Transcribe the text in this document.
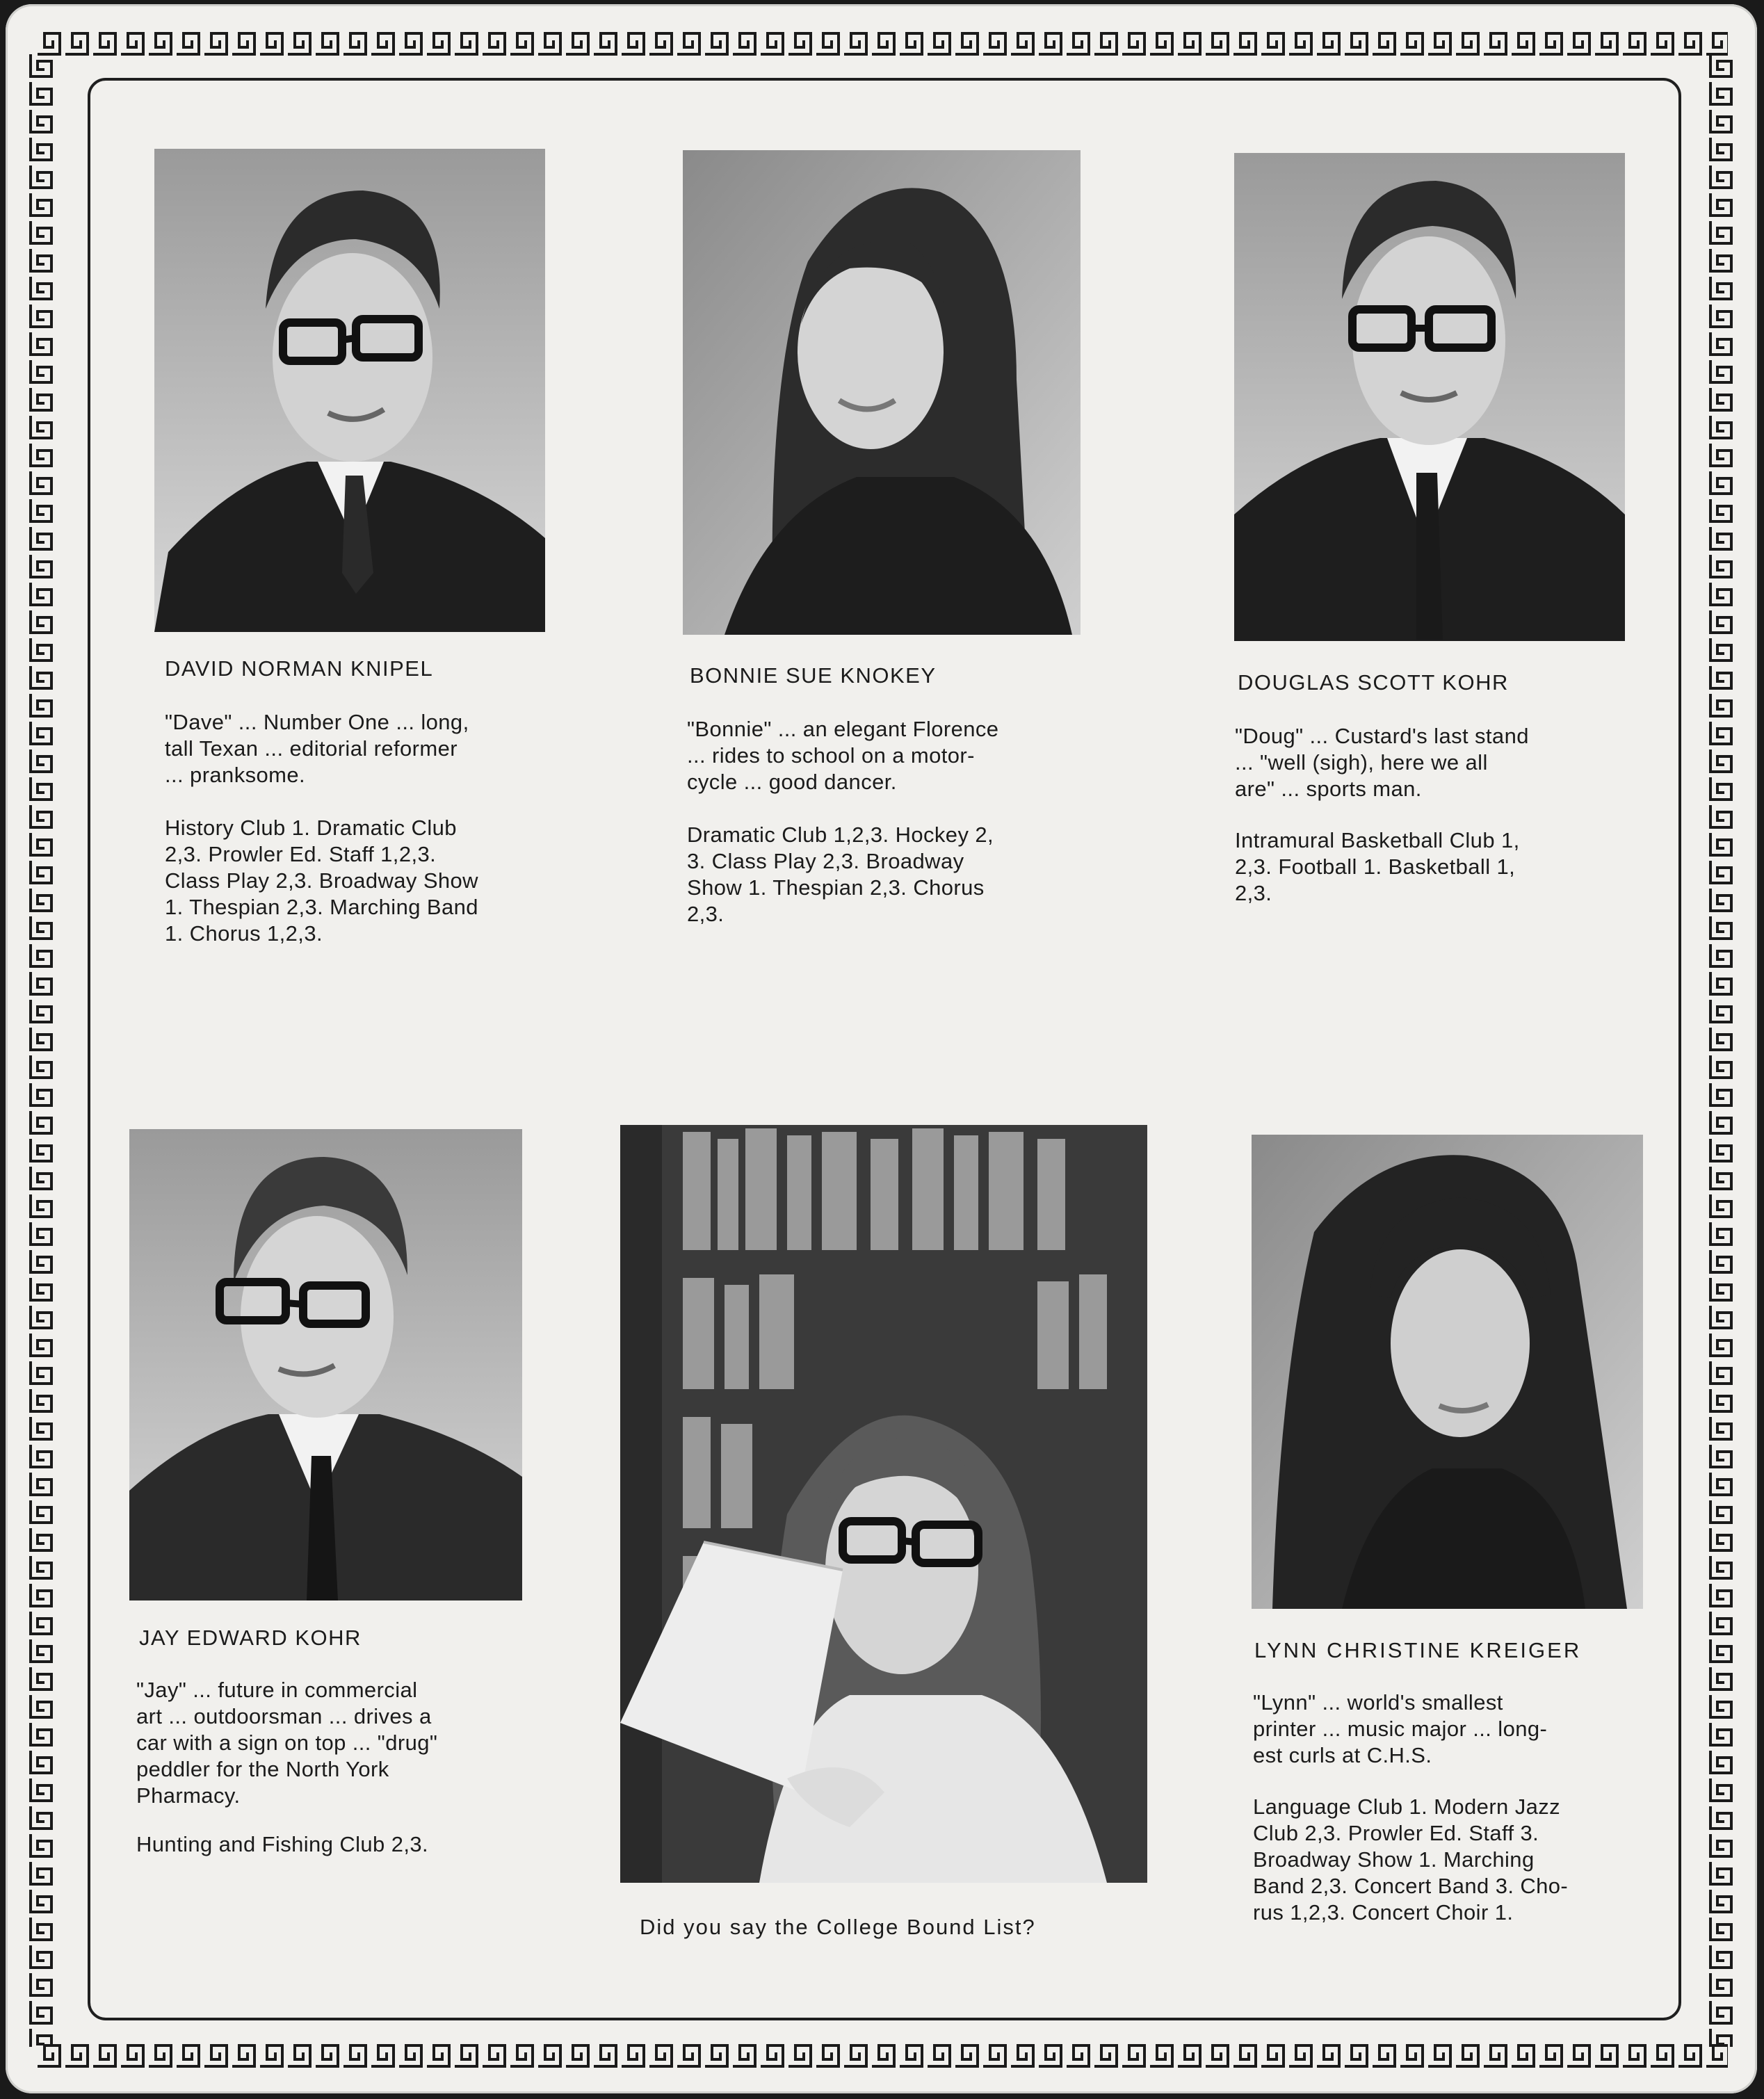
DAVID NORMAN KNIPEL
"Dave" ... Number One ... long,
tall Texan ... editorial reformer
... pranksome.
History Club 1. Dramatic Club
2,3. Prowler Ed. Staff 1,2,3.
Class Play 2,3. Broadway Show
1. Thespian 2,3. Marching Band
1. Chorus 1,2,3.
BONNIE SUE KNOKEY
"Bonnie" ... an elegant Florence
... rides to school on a motor-
cycle ... good dancer.
Dramatic Club 1,2,3. Hockey 2,
3. Class Play 2,3. Broadway
Show 1. Thespian 2,3. Chorus
2,3.
DOUGLAS SCOTT KOHR
"Doug" ... Custard's last stand
... "well (sigh), here we all
are" ... sports man.
Intramural Basketball Club 1,
2,3. Football 1. Basketball 1,
2,3.
JAY EDWARD KOHR
"Jay" ... future in commercial
art ... outdoorsman ... drives a
car with a sign on top ... "drug"
peddler for the North York
Pharmacy.
Hunting and Fishing Club 2,3.
Did you say the College Bound List?
LYNN CHRISTINE KREIGER
"Lynn" ... world's smallest
printer ... music major ... long-
est curls at C.H.S.
Language Club 1. Modern Jazz
Club 2,3. Prowler Ed. Staff 3.
Broadway Show 1. Marching
Band 2,3. Concert Band 3. Cho-
rus 1,2,3. Concert Choir 1.
